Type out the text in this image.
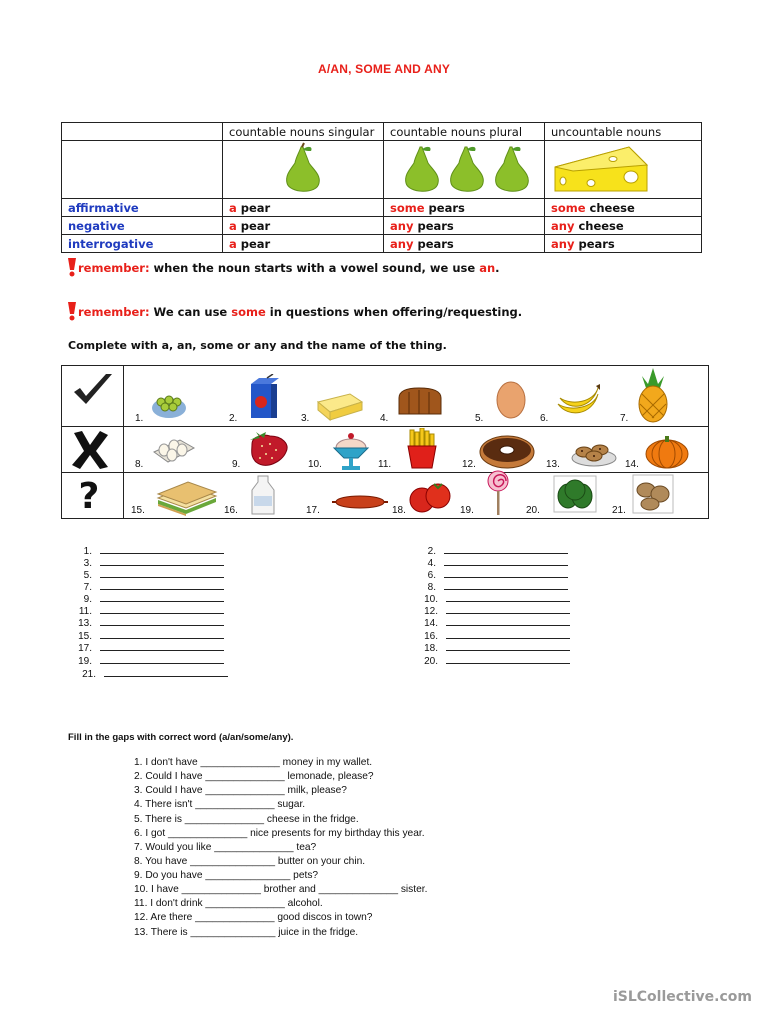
A/AN, SOME AND ANY
	countable nouns singular	countable nouns plural	uncountable nouns

affirmative	a pear	some pears	some cheese
negative	a pear	any pears	any cheese
interrogative	a pear	any pears	any pears
remember: when the noun starts with a vowel sound, we use an.
remember: We can use some in questions when offering/requesting.
Complete with a, an, some or any and the name of the thing.
?
1.	2.	3.	4.	5.	6.	7.
8.	9.	10.	11.	12.	13.	14.
15.	16.	17.	18.	19.	20.	21.
1.
3.
5.
7.
9.
11.
13.
15.
17.
19.
21.
2.
4.
6.
8.
10.
12.
14.
16.
18.
20.
Fill in the gaps with correct word (a/an/some/any).
1. I don't have ______________ money in my wallet.
2. Could I have ______________ lemonade, please?
3. Could I have ______________ milk, please?
4. There isn't ______________ sugar.
5. There is ______________ cheese in the fridge.
6. I got ______________ nice presents for my birthday this year.
7. Would you like ______________ tea?
8. You have _______________ butter on your chin.
9. Do you have _______________ pets?
10. I have ______________ brother and ______________ sister.
11. I don't drink ______________ alcohol.
12. Are there ______________ good discos in town?
13. There is _______________ juice in the fridge.
iSLCollective.com
